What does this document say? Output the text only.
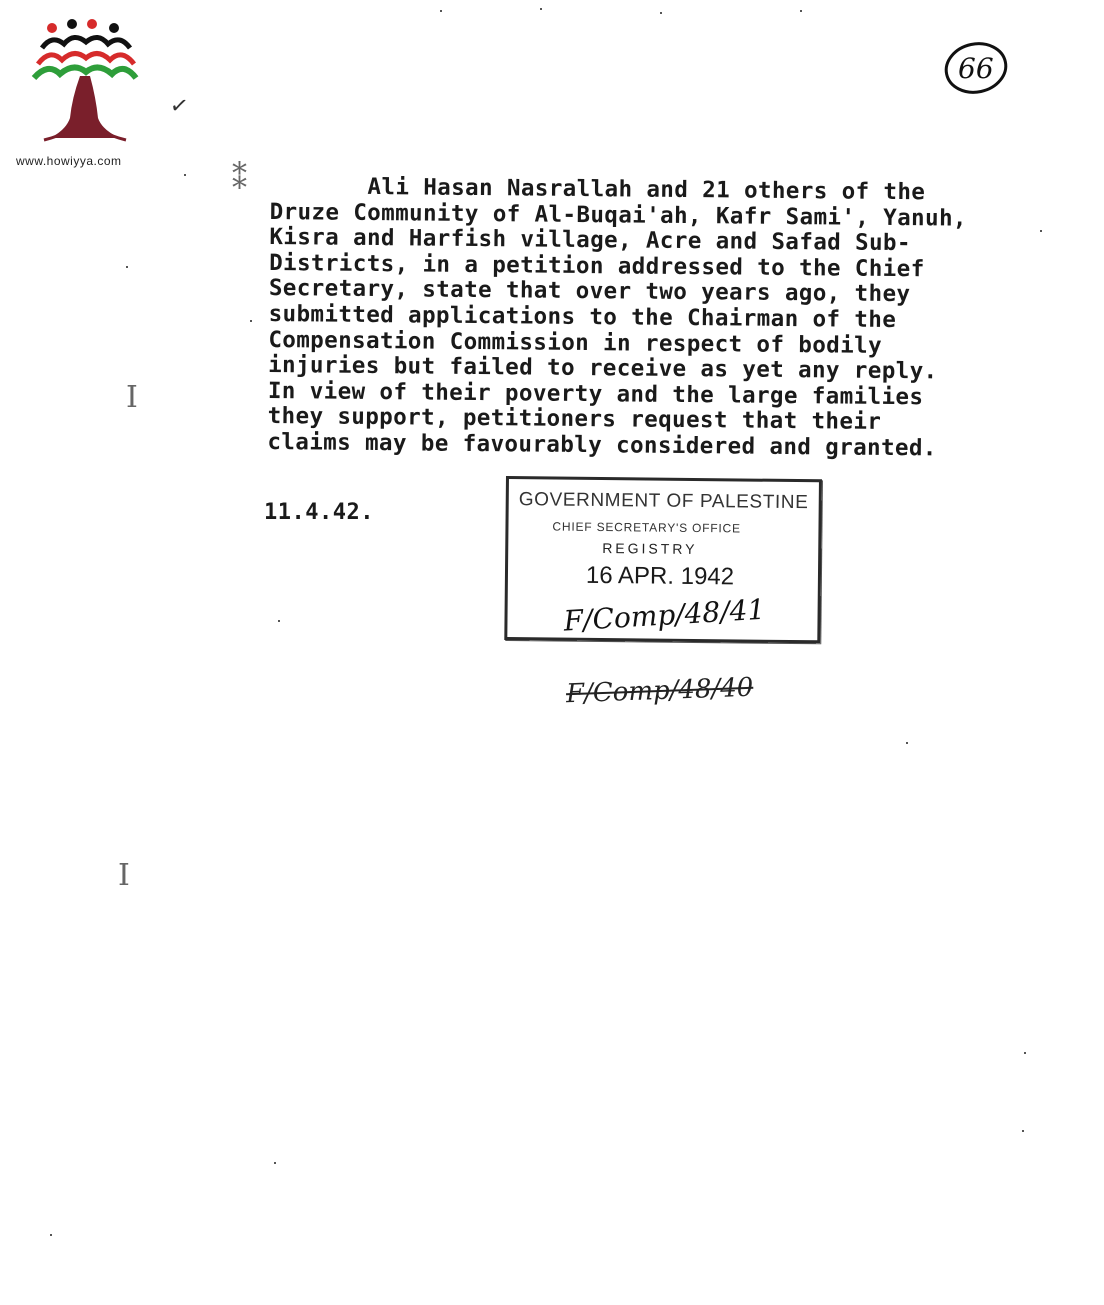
www.howiyya.com
66
✓
⁑
I
I
Ali Hasan Nasrallah and 21 others of the
Druze Community of Al-Buqai'ah, Kafr Sami', Yanuh,
Kisra and Harfish village, Acre and Safad Sub-
Districts, in a petition addressed to the Chief
Secretary, state that over two years ago, they
submitted applications to the Chairman of the
Compensation Commission in respect of bodily
injuries but failed to receive as yet any reply.
In view of their poverty and the large families
they support, petitioners request that their
claims may be favourably considered and granted.
11.4.42.	GOVERNMENT OF PALESTINE
CHIEF SECRETARY'S OFFICE
REGISTRY
16 APR. 1942
F/Comp/48/41
F/Comp/48/40
